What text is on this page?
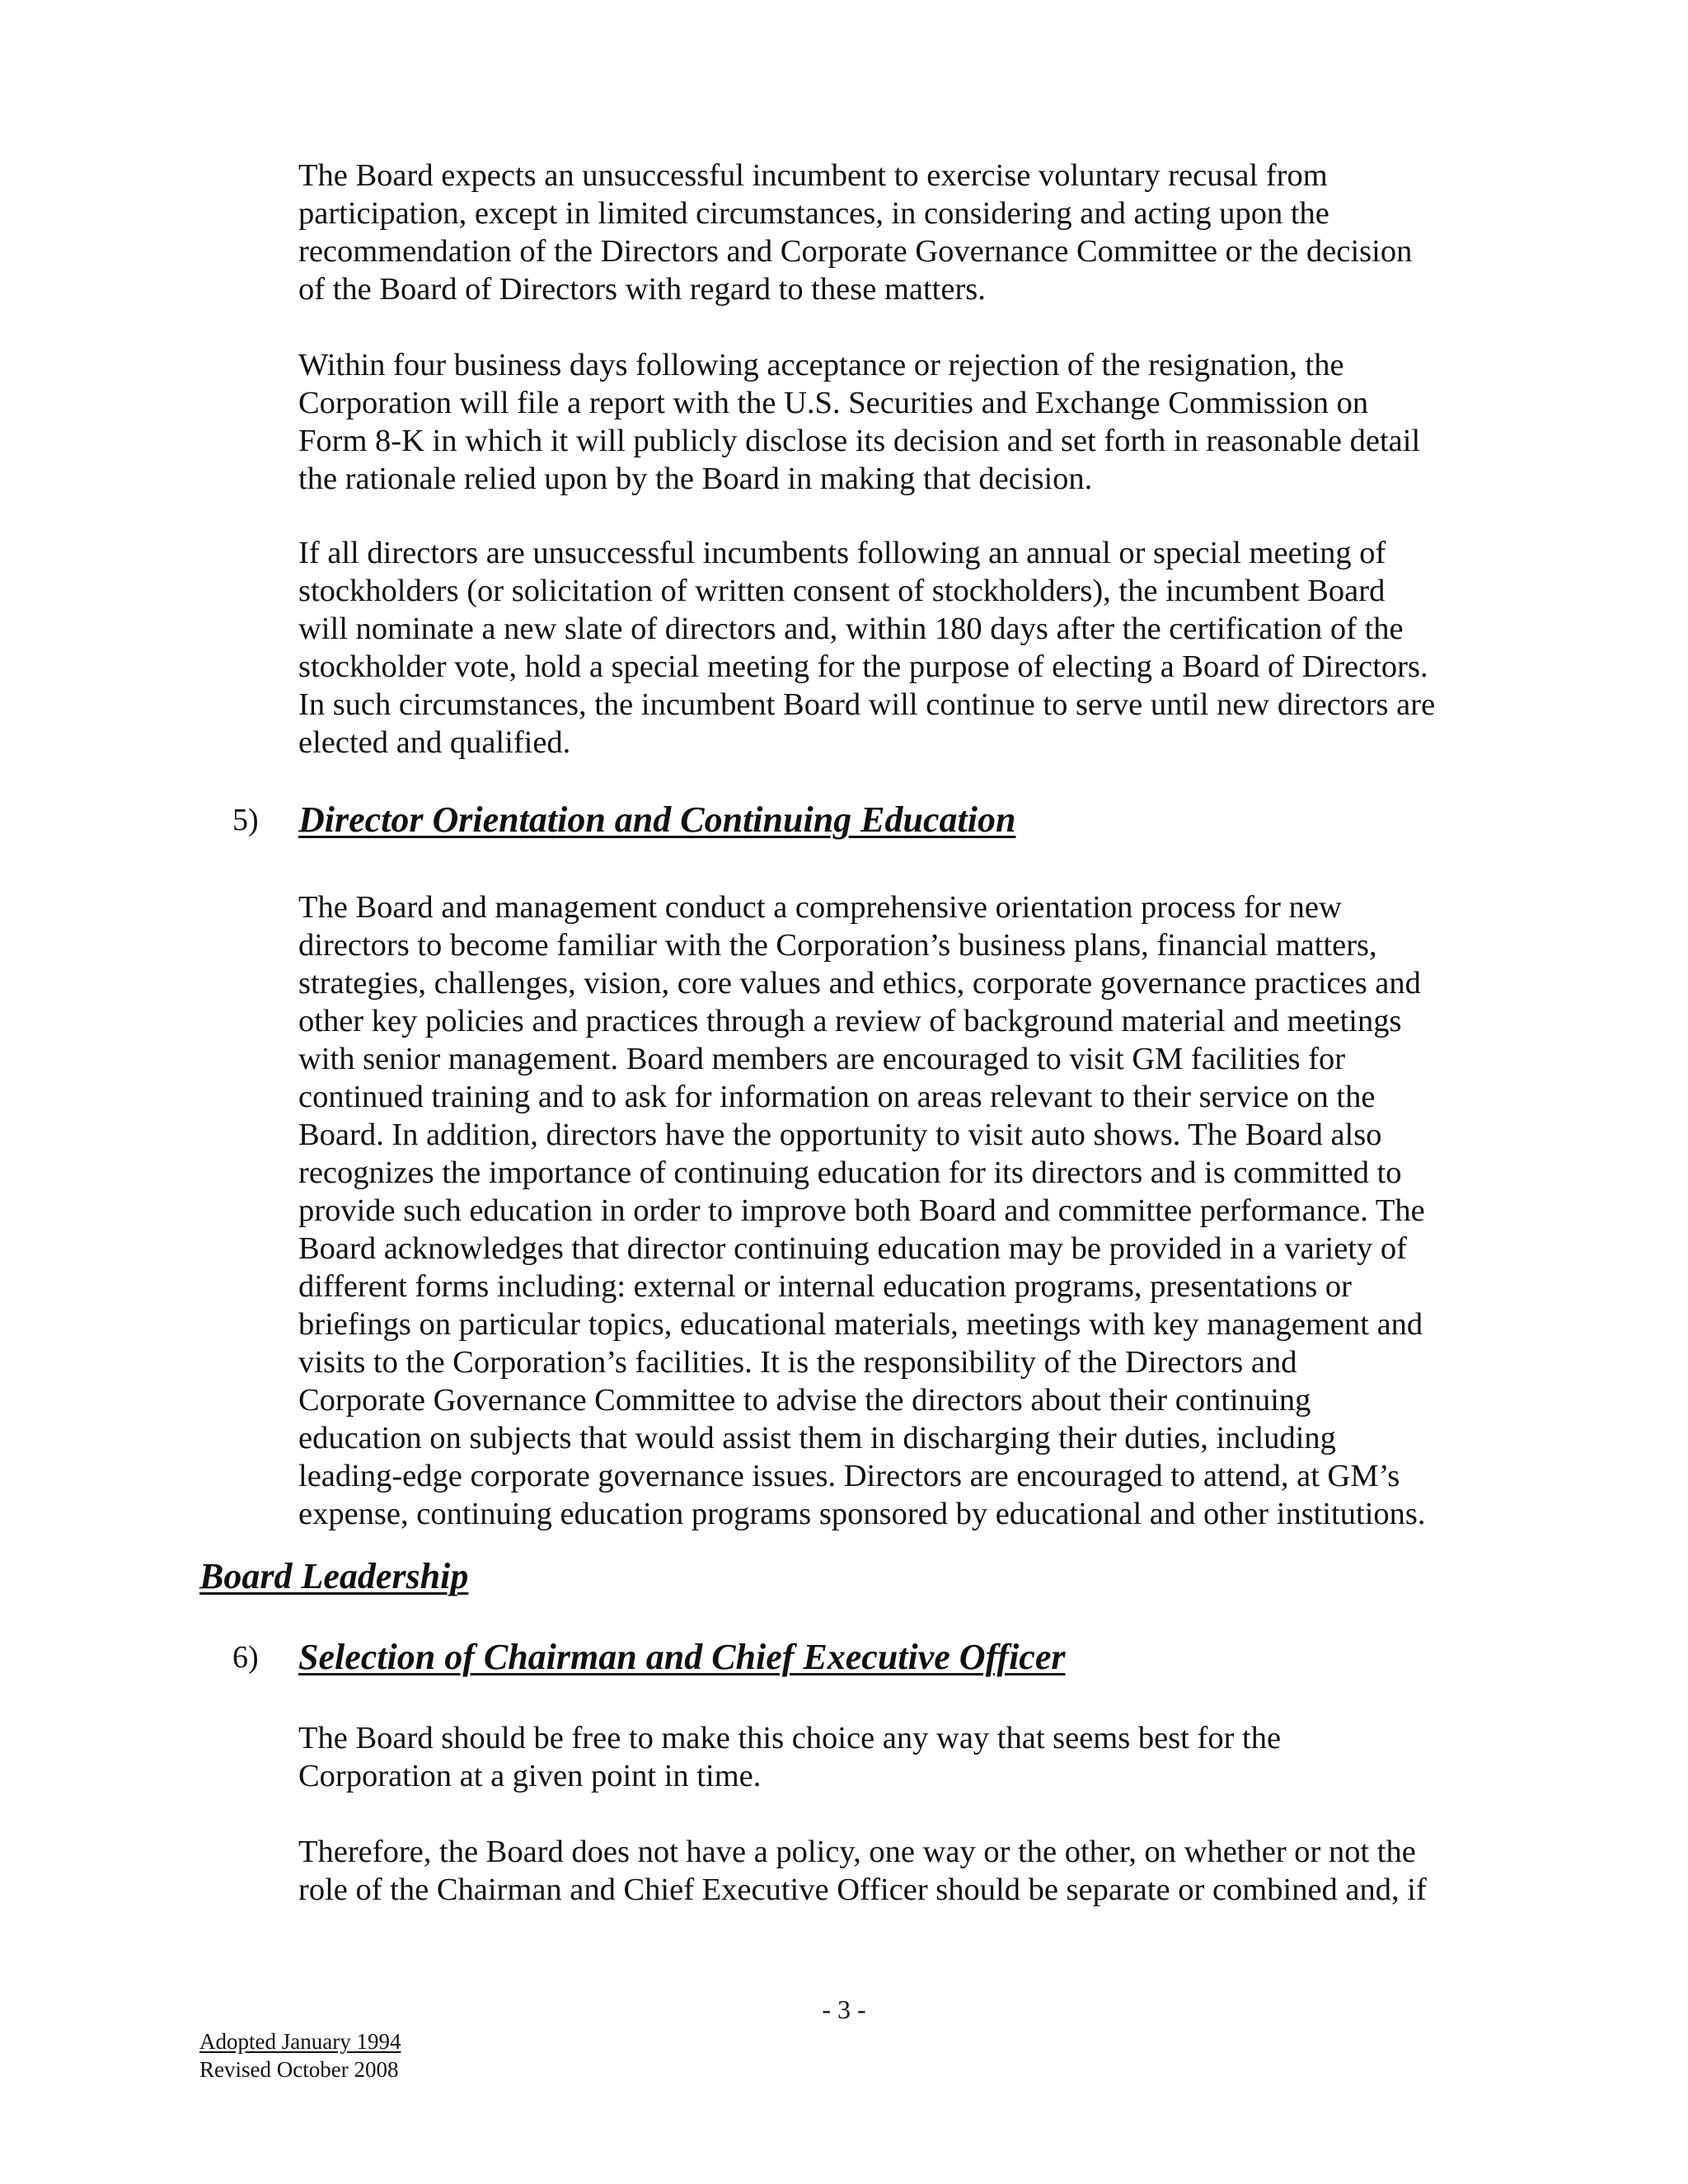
The Board expects an unsuccessful incumbent to exercise voluntary recusal from
participation, except in limited circumstances, in considering and acting upon the
recommendation of the Directors and Corporate Governance Committee or the decision
of the Board of Directors with regard to these matters.

Within four business days following acceptance or rejection of the resignation, the
Corporation will file a report with the U.S. Securities and Exchange Commission on
Form 8-K in which it will publicly disclose its decision and set forth in reasonable detail
the rationale relied upon by the Board in making that decision.

If all directors are unsuccessful incumbents following an annual or special meeting of
stockholders (or solicitation of written consent of stockholders), the incumbent Board
will nominate a new slate of directors and, within 180 days after the certification of the
stockholder vote, hold a special meeting for the purpose of electing a Board of Directors.
In such circumstances, the incumbent Board will continue to serve until new directors are
elected and qualified.

5) Director Orientation and Continuing Education

The Board and management conduct a comprehensive orientation process for new
directors to become familiar with the Corporation’s business plans, financial matters,
strategies, challenges, vision, core values and ethics, corporate governance practices and
other key policies and practices through a review of background material and meetings
with senior management. Board members are encouraged to visit GM facilities for
continued training and to ask for information on areas relevant to their service on the
Board. In addition, directors have the opportunity to visit auto shows. The Board also
recognizes the importance of continuing education for its directors and is committed to
provide such education in order to improve both Board and committee performance. The
Board acknowledges that director continuing education may be provided in a variety of
different forms including: external or internal education programs, presentations or
briefings on particular topics, educational materials, meetings with key management and
visits to the Corporation’s facilities. It is the responsibility of the Directors and
Corporate Governance Committee to advise the directors about their continuing
education on subjects that would assist them in discharging their duties, including
leading-edge corporate governance issues. Directors are encouraged to attend, at GM’s
expense, continuing education programs sponsored by educational and other institutions.

Board Leadership
6) Selection of Chairman and Chief Executive Officer

The Board should be free to make this choice any way that seems best for the
Corporation at a given point in time.

Therefore, the Board does not have a policy, one way or the other, on whether or not the
role of the Chairman and Chief Executive Officer should be separate or combined and, if

- 3 -
Adopted January 1994
Revised October 2008
